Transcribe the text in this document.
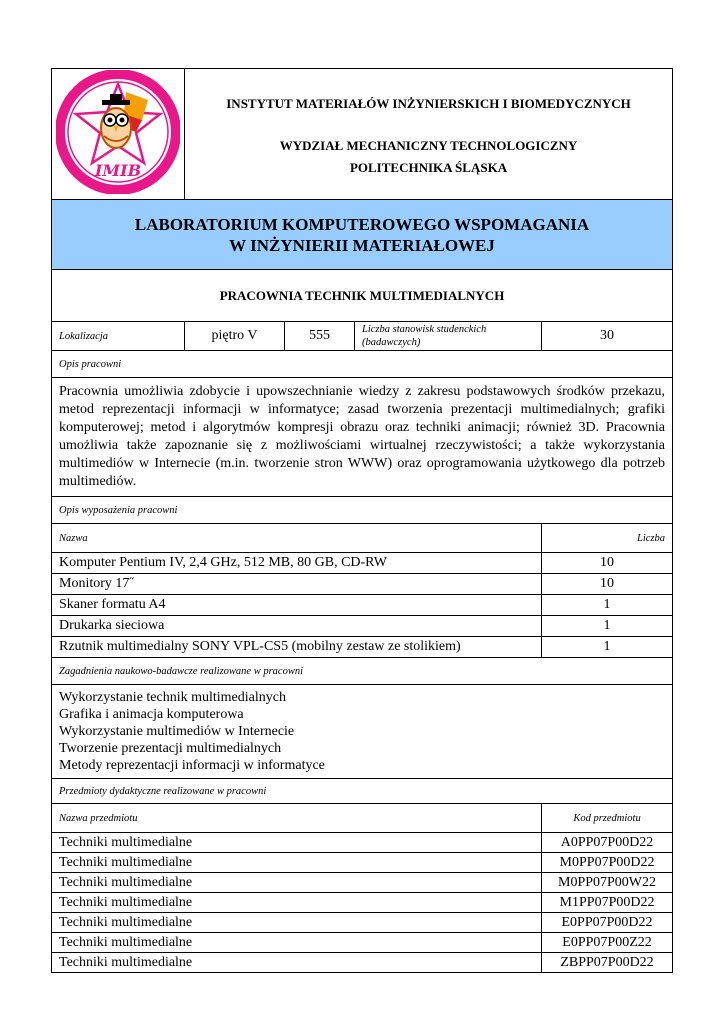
IMIB	INSTYTUT MATERIAŁÓW INŻYNIERSKICH I BIOMEDYCZNYCH
WYDZIAŁ MECHANICZNY TECHNOLOGICZNY
POLITECHNIKA ŚLĄSKA			

LABORATORIUM KOMPUTEROWEGO WSPOMAGANIA
W INŻYNIERII MATERIAŁOWEJ				

PRACOWNIA TECHNIK MULTIMEDIALNYCH				
Lokalizacja	piętro V	555	Liczba stanowisk studenckich (badawczych)	30
Opis pracowni				
Pracownia umożliwia zdobycie i upowszechnianie wiedzy z zakresu podstawowych środków przekazu, metod reprezentacji informacji w informatyce; zasad tworzenia prezentacji multimedialnych; grafiki komputerowej; metod i algorytmów kompresji obrazu oraz techniki animacji; również 3D. Pracownia umożliwia także zapoznanie się z możliwościami wirtualnej rzeczywistości; a także wykorzystania multimediów w Internecie (m.in. tworzenie stron WWW) oraz oprogramowania użytkowego dla potrzeb multimediów.				
Opis wyposażenia pracowni				
Nazwa				Liczba
Komputer Pentium IV, 2,4 GHz, 512 MB, 80 GB, CD-RW				10
Monitory 17˝				10
Skaner formatu A4				1
Drukarka sieciowa				1
Rzutnik multimedialny SONY VPL-CS5 (mobilny zestaw ze stolikiem)				1
Zagadnienia naukowo-badawcze realizowane w pracowni				

Wykorzystanie technik multimedialnych
Grafika i animacja komputerowa
Wykorzystanie multimediów w Internecie
Tworzenie prezentacji multimedialnych
Metody reprezentacji informacji w informatyce				

Przedmioty dydaktyczne realizowane w pracowni				
Nazwa przedmiotu				Kod przedmiotu
Techniki multimedialne				A0PP07P00D22
Techniki multimedialne				M0PP07P00D22
Techniki multimedialne				M0PP07P00W22
Techniki multimedialne				M1PP07P00D22
Techniki multimedialne				E0PP07P00D22
Techniki multimedialne				E0PP07P00Z22
Techniki multimedialne				ZBPP07P00D22
